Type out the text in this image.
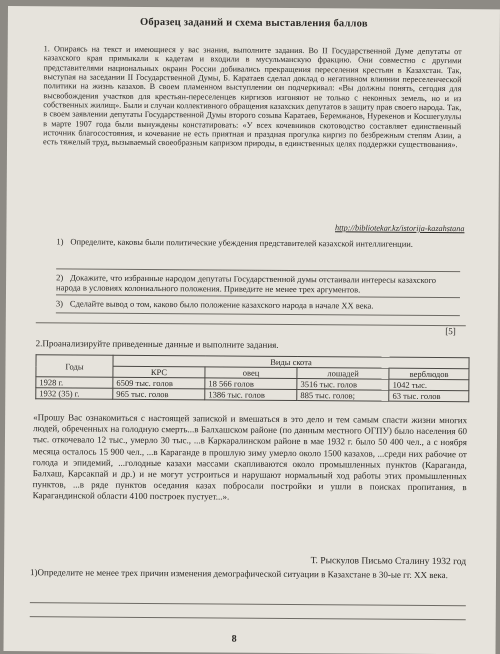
Образец заданий и схема выставления баллов
1. Опираясь на текст и имеющиеся у вас знания, выполните задания. Во II Государственной Думе депутаты от казахского края примыкали к кадетам и входили в мусульманскую фракцию. Они совместно с другими представителями национальных окраин России добивались прекращения переселения крестьян в Казахстан. Так, выступая на заседании II Государственной Думы, Б. Каратаев сделал доклад о негативном влиянии переселенческой политики на жизнь казахов. В своем пламенном выступлении он подчеркивал: «Вы должны понять, сегодня для высвобождения участков для крестьян-переселенцев киргизов изгоняют не только с неконных земель, но и из собственных жилищ». Были и случаи коллективного обращения казахских депутатов в защиту прав своего народа. Так, в своем заявлении депутаты Государственной Думы второго созыва Каратаев, Беремжанов, Нурекенов и Косшегулулы в марте 1907 года были вынуждены констатировать: «У всех кочевников скотоводство составляет единственный источник благосостояния, и кочевание не есть приятная и праздная прогулка киргиз по безбрежным степям Азии, а есть тяжелый труд, вызываемый своеобразным капризом природы, в единственных целях поддержки существования».
http://bibliotekar.kz/istorija-kazahstana
1) Определите, каковы были политические убеждения представителей казахской интеллигенции.
2) Докажите, что избранные народом депутаты Государственной думы отстаивали интересы казахского народа в условиях колониального положения. Приведите не менее трех аргументов.
3) Сделайте вывод о том, каково было положение казахского народа в начале XX века.
[5]
2.Проанализируйте приведенные данные и выполните задания.
Годы	Виды скота			
	КРС	овец	лошадей	верблюдов
1928 г.	6509 тыс. голов	18 566 голов	3516 тыс. голов	1042 тыс.
1932 (35) г.	965 тыс. голов	1386 тыс. голов	885 тыс. голов;	63 тыс. голов
«Прошу Вас ознакомиться с настоящей запиской и вмешаться в это дело и тем самым спасти жизни многих людей, обреченных на голодную смерть...в Балхашском районе (по данным местного ОГПУ) было населения 60 тыс. откочевало 12 тыс., умерло 30 тыс., ...в Каркаралинском районе в мае 1932 г. было 50 400 чел., а с ноября месяца осталось 15 900 чел., ...в Караганде в прошлую зиму умерло около 1500 казахов, ...среди них рабочие от голода и эпидемий, ...голодные казахи массами скапливаются около промышленных пунктов (Караганда, Балхаш, Карсакпай и др.) и не могут устроиться и нарушают нормальный ход работы этих промышленных пунктов, ...в ряде пунктов оседания казах побросали постройки и ушли в поисках пропитания, в Карагандинской области 4100 построек пустует...».
Т. Рыскулов Письмо Сталину 1932 год
1)Определите не менее трех причин изменения демографической ситуации в Казахстане в 30-ые гг. XX века.
8
